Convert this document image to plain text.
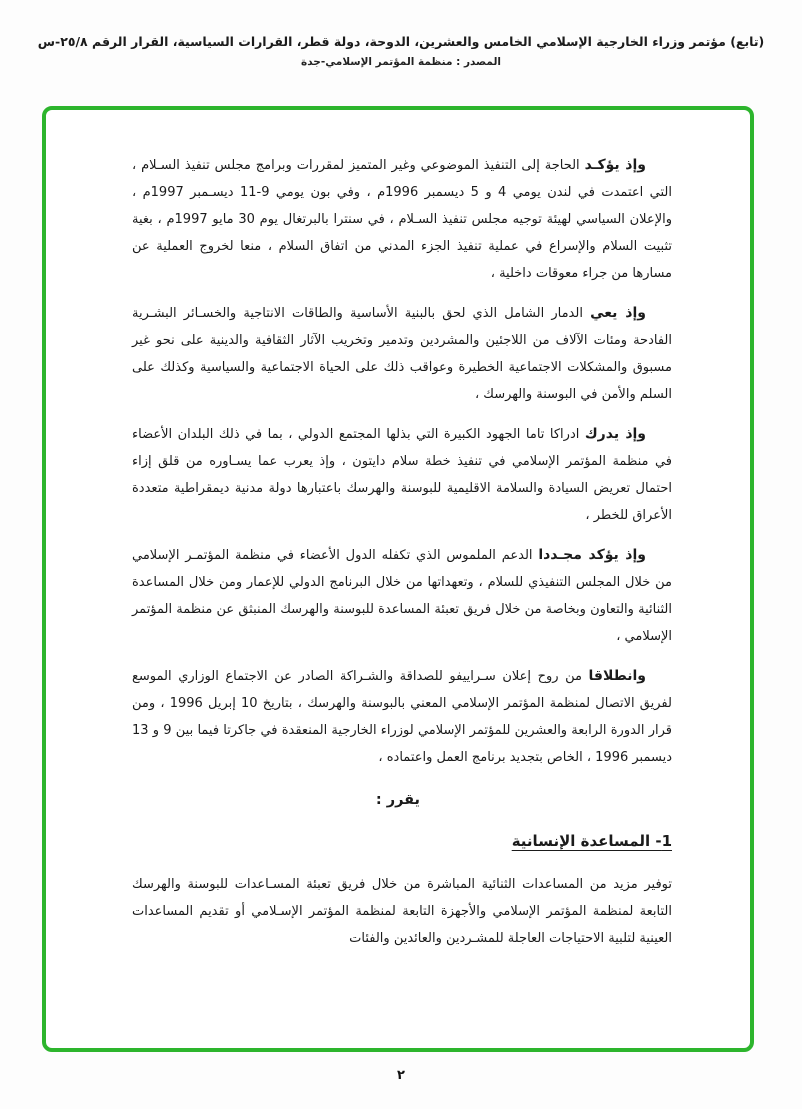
(تابع) مؤتمر وزراء الخارجية الإسلامي الخامس والعشرين، الدوحة، دولة قطر، القرارات السياسية، القرار الرقم ٢٥/٨-س
المصدر : منظمة المؤتمر الإسلامي-جدة

وإذ يؤكـد الحاجة إلى التنفيذ الموضوعي وغير المتميز لمقررات وبرامج مجلس تنفيذ السـلام ، التي اعتمدت في لندن يومي 4 و 5 ديسمبر 1996م ، وفي بون يومي 9-11 ديسـمبر 1997م ، والإعلان السياسي لهيئة توجيه مجلس تنفيذ السـلام ، في سنترا بالبرتغال يوم 30 مايو 1997م ، بغية تثبيت السلام والإسراع في عملية تنفيذ الجزء المدني من اتفاق السلام ، منعا لخروج العملية عن مسارها من جراء معوقات داخلية ،

وإذ يعي الدمار الشامل الذي لحق بالبنية الأساسية والطاقات الانتاجية والخسـائر البشـرية الفادحة ومئات الآلاف من اللاجئين والمشردين وتدمير وتخريب الآثار الثقافية والدينية على نحو غير مسبوق والمشكلات الاجتماعية الخطيرة وعواقب ذلك على الحياة الاجتماعية والسياسية وكذلك على السلم والأمن في البوسنة والهرسك ،

وإذ يدرك ادراكا تاما الجهود الكبيرة التي بذلها المجتمع الدولي ، بما في ذلك البلدان الأعضاء في منظمة المؤتمر الإسلامي في تنفيذ خطة سلام دايتون ، وإذ يعرب عما يسـاوره من قلق إزاء احتمال تعريض السيادة والسلامة الاقليمية للبوسنة والهرسك باعتبارها دولة مدنية ديمقراطية متعددة الأعراق للخطر ،

وإذ يؤكد مجـددا الدعم الملموس الذي تكفله الدول الأعضاء في منظمة المؤتمـر الإسلامي من خلال المجلس التنفيذي للسلام ، وتعهداتها من خلال البرنامج الدولي للإعمار ومن خلال المساعدة الثنائية والتعاون وبخاصة من خلال فريق تعبئة المساعدة للبوسنة والهرسك المنبثق عن منظمة المؤتمر الإسلامي ،

وانطلاقا من روح إعلان سـراييفو للصداقة والشـراكة الصادر عن الاجتماع الوزاري الموسع لفريق الاتصال لمنظمة المؤتمر الإسلامي المعني بالبوسنة والهرسك ، بتاريخ 10 إبريل 1996 ، ومن قرار الدورة الرابعة والعشرين للمؤتمر الإسلامي لوزراء الخارجية المنعقدة في جاكرتا فيما بين 9 و 13 ديسمبر 1996 ، الخاص بتجديد برنامج العمل واعتماده ،

يقرر :

1- المساعدة الإنسانية

توفير مزيد من المساعدات الثنائية المباشرة من خلال فريق تعبئة المسـاعدات للبوسنة والهرسك التابعة لمنظمة المؤتمر الإسلامي والأجهزة التابعة لمنظمة المؤتمر الإسـلامي أو تقديم المساعدات العينية لتلبية الاحتياجات العاجلة للمشـردين والعائدين والفئات

٢
